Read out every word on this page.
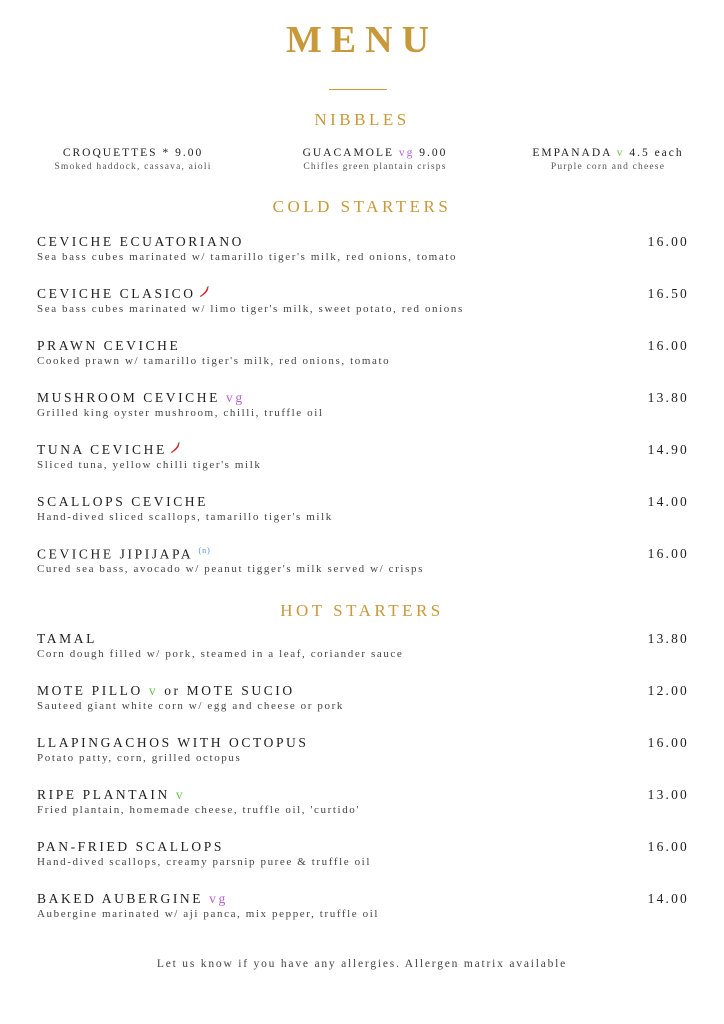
MENU
NIBBLES
CROQUETTES * 9.00
Smoked haddock, cassava, aioli
GUACAMOLE vg 9.00
Chifles green plantain crisps
EMPANADA v 4.5 each
Purple corn and cheese
COLD STARTERS
CEVICHE ECUATORIANO	16.00
Sea bass cubes marinated w/ tamarillo tiger's milk, red onions, tomato
CEVICHE CLASICO	16.50
Sea bass cubes marinated w/ limo tiger's milk, sweet potato, red onions
PRAWN CEVICHE	16.00
Cooked prawn w/ tamarillo tiger's milk, red onions, tomato
MUSHROOM CEVICHE vg	13.80
Grilled king oyster mushroom, chilli, truffle oil
TUNA CEVICHE	14.90
Sliced tuna, yellow chilli tiger's milk
SCALLOPS CEVICHE	14.00
Hand-dived sliced scallops, tamarillo tiger's milk
CEVICHE JIPIJAPA $^{(n)}$	16.00
Cured sea bass, avocado w/ peanut tigger's milk served w/ crisps
HOT STARTERS
TAMAL	13.80
Corn dough filled w/ pork, steamed in a leaf, coriander sauce
MOTE PILLO v or MOTE SUCIO	12.00
Sauteed giant white corn w/ egg and cheese or pork
LLAPINGACHOS WITH OCTOPUS	16.00
Potato patty, corn, grilled octopus
RIPE PLANTAIN v	13.00
Fried plantain, homemade cheese, truffle oil, 'curtido'
PAN-FRIED SCALLOPS	16.00
Hand-dived scallops, creamy parsnip puree & truffle oil
BAKED AUBERGINE vg	14.00
Aubergine marinated w/ aji panca, mix pepper, truffle oil
Let us know if you have any allergies. Allergen matrix available
